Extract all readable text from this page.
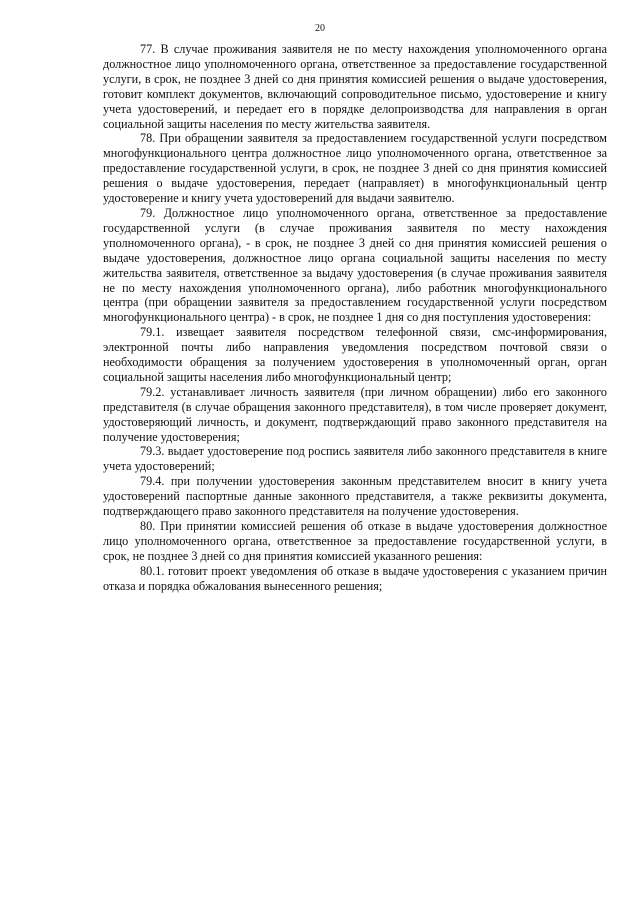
20

77. В случае проживания заявителя не по месту нахождения уполномоченного органа должностное лицо уполномоченного органа, ответственное за предоставление государственной услуги, в срок, не позднее 3 дней со дня принятия комиссией решения о выдаче удостоверения, готовит комплект документов, включающий сопроводительное письмо, удостоверение и книгу учета удостоверений, и передает его в порядке делопроизводства для направления в орган социальной защиты населения по месту жительства заявителя.

78. При обращении заявителя за предоставлением государственной услуги посредством многофункционального центра должностное лицо уполномоченного органа, ответственное за предоставление государственной услуги, в срок, не позднее 3 дней со дня принятия комиссией решения о выдаче удостоверения, передает (направляет) в многофункциональный центр удостоверение и книгу учета удостоверений для выдачи заявителю.

79. Должностное лицо уполномоченного органа, ответственное за предоставление государственной услуги (в случае проживания заявителя по месту нахождения уполномоченного органа), - в срок, не позднее 3 дней со дня принятия комиссией решения о выдаче удостоверения, должностное лицо органа социальной защиты населения по месту жительства заявителя, ответственное за выдачу удостоверения (в случае проживания заявителя не по месту нахождения уполномоченного органа), либо работник многофункционального центра (при обращении заявителя за предоставлением государственной услуги посредством многофункционального центра) - в срок, не позднее 1 дня со дня поступления удостоверения:

79.1. извещает заявителя посредством телефонной связи, смс-информирования, электронной почты либо направления уведомления посредством почтовой связи о необходимости обращения за получением удостоверения в уполномоченный орган, орган социальной защиты населения либо многофункциональный центр;

79.2. устанавливает личность заявителя (при личном обращении) либо его законного представителя (в случае обращения законного представителя), в том числе проверяет документ, удостоверяющий личность, и документ, подтверждающий право законного представителя на получение удостоверения;

79.3. выдает удостоверение под роспись заявителя либо законного представителя в книге учета удостоверений;

79.4. при получении удостоверения законным представителем вносит в книгу учета удостоверений паспортные данные законного представителя, а также реквизиты документа, подтверждающего право законного представителя на получение удостоверения.

80. При принятии комиссией решения об отказе в выдаче удостоверения должностное лицо уполномоченного органа, ответственное за предоставление государственной услуги, в срок, не позднее 3 дней со дня принятия комиссией указанного решения:

80.1. готовит проект уведомления об отказе в выдаче удостоверения с указанием причин отказа и порядка обжалования вынесенного решения;
